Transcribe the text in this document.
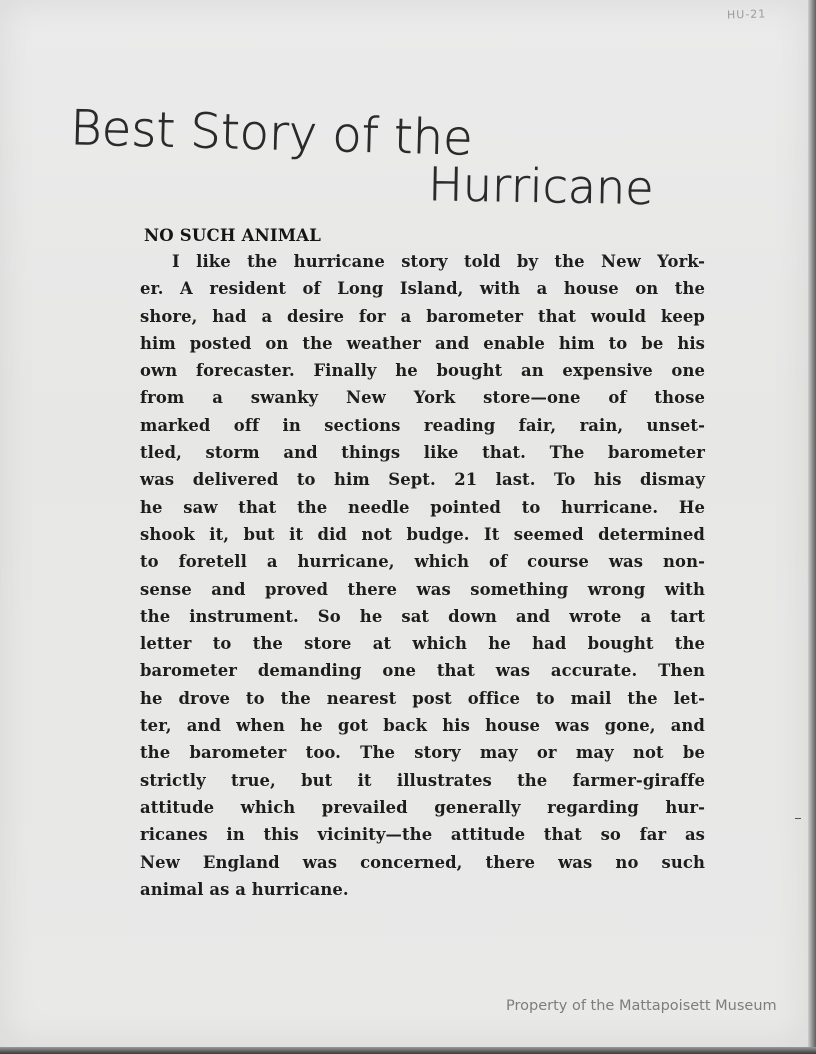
HU-21
Best Story of the
Hurricane
NO SUCH ANIMAL
I like the hurricane story told by the New York-
er. A resident of Long Island, with a house on the
shore, had a desire for a barometer that would keep
him posted on the weather and enable him to be his
own forecaster. Finally he bought an expensive one
from a swanky New York store—one of those
marked off in sections reading fair, rain, unset-
tled, storm and things like that. The barometer
was delivered to him Sept. 21 last. To his dismay
he saw that the needle pointed to hurricane. He
shook it, but it did not budge. It seemed determined
to foretell a hurricane, which of course was non-
sense and proved there was something wrong with
the instrument. So he sat down and wrote a tart
letter to the store at which he had bought the
barometer demanding one that was accurate. Then
he drove to the nearest post office to mail the let-
ter, and when he got back his house was gone, and
the barometer too. The story may or may not be
strictly true, but it illustrates the farmer-giraffe
attitude which prevailed generally regarding hur-
ricanes in this vicinity—the attitude that so far as
New England was concerned, there was no such
animal as a hurricane.
Property of the Mattapoisett Museum
